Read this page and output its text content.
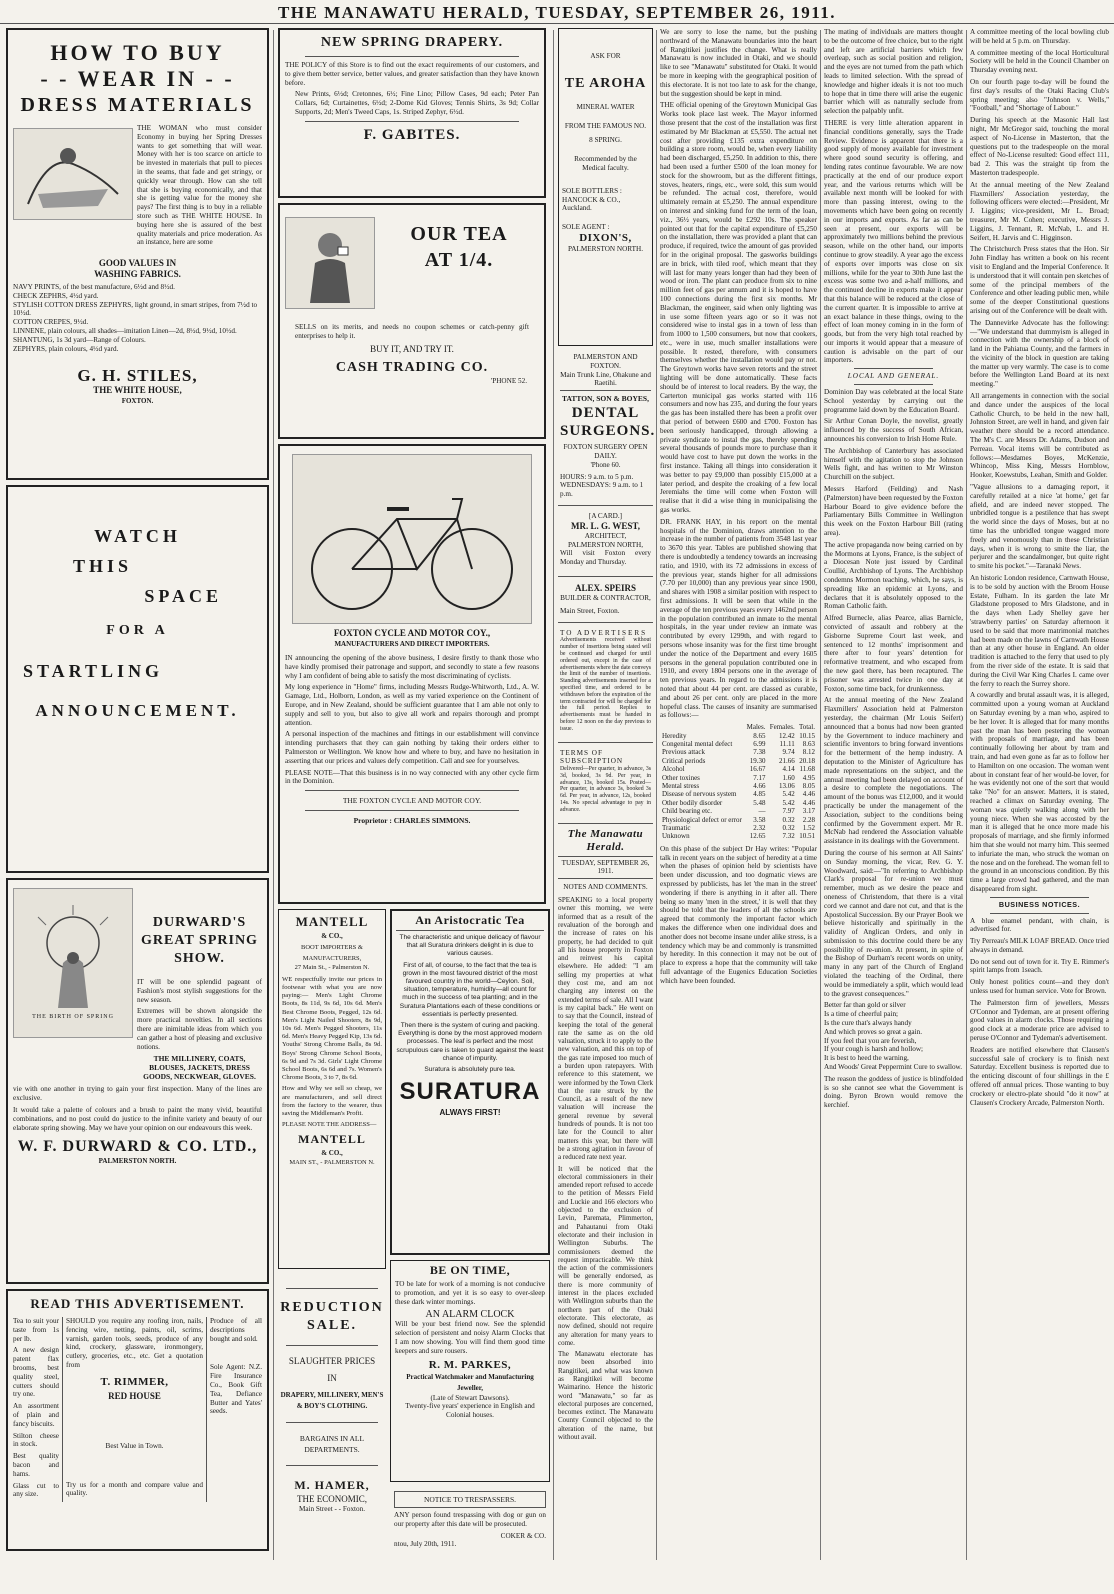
THE MANAWATU HERALD, TUESDAY, SEPTEMBER 26, 1911.
HOW TO BUY
- - WEAR IN - -
DRESS MATERIALS
THE WOMAN who must consider Economy in buying her Spring Dresses wants to get something that will wear. Money with her is too scarce on article to be invested in materials that pull to pieces in the seams, that fade and get stringy, or quickly wear through. How can she tell that she is buying economically, and that she is getting value for the money she pays? The first thing is to buy in a reliable store such as THE WHITE HOUSE. In buying here she is assured of the best quality materials and price moderation. As an instance, here are some
GOOD VALUES IN
WASHING FABRICS.
NAVY PRINTS, of the best manufacture, 6½d and 8½d.
CHECK ZEPHRS, 4½d yard.
STYLISH COTTON DRESS ZEPHYRS, light ground, in smart stripes, from 7½d to 10½d.
COTTON CREPES, 9½d.
LINNENE, plain colours, all shades—imitation Linen—2d, 8½d, 9½d, 10½d.
SHANTUNG, 1s 3d yard—Range of Colours.
ZEPHYRS, plain colours, 4½d yard.
G. H. STILES,
THE WHITE HOUSE,
FOXTON.
WATCH
THIS
SPACE
FOR A
STARTLING
ANNOUNCEMENT.
THE BIRTH OF SPRING
DURWARD'S
GREAT SPRING
SHOW.

IT will be one splendid pageant of Fashion's most stylish suggestions for the new season.

Extremes will be shown alongside the more practical novelties. In all sections there are inimitable ideas from which you can gather a host of pleasing and exclusive notions.

THE MILLINERY, COATS, BLOUSES, JACKETS, DRESS GOODS, NECKWEAR, GLOVES.

vie with one another in trying to gain your first inspection. Many of the lines are exclusive.

It would take a palette of colours and a brush to paint the many vivid, beautiful combinations, and no post could do justice to the infinite variety and beauty of our elaborate spring showing. May we have your opinion on our endeavours this week.

W. F. DURWARD & CO. LTD.,
PALMERSTON NORTH.
READ THIS ADVERTISEMENT.

Tea to suit your taste from 1s per lb.

A new design patent flax brooms, best quality steel, cutters should try one.

An assortment of plain and fancy biscuits.

Stilton cheese in stock.

Best quality bacon and hams.

Glass cut to any size.

SHOULD you require any roofing iron, nails, fencing wire, netting, paints, oil, scrims, varnish, garden tools, seeds, produce of any kind, crockery, glassware, ironmongery, cutlery, groceries, etc., etc. Get a quotation from

T. RIMMER,
RED HOUSE

Best Value in Town.

Try us for a month and compare value and quality.

Produce of all descriptions bought and sold.

Sole Agent: N.Z. Fire Insurance Co., Book Gift Tea, Defiance Butter and Yates' seeds.

NEW SPRING DRAPERY.

THE POLICY of this Store is to find out the exact requirements of our customers, and to give them better service, better values, and greater satisfaction than they have known before.

New Prints, 6½d; Cretonnes, 6½; Fine Lino; Pillow Cases, 9d each; Peter Pan Collars, 6d; Curtainettes, 6½d; 2-Dome Kid Gloves; Tennis Shirts, 3s 9d; Collar Supports, 2d; Men's Tweed Caps, 1s. Striped Zephyr, 6½d.

F. GABITES.
OUR TEA
AT 1/4.

SELLS on its merits, and needs no coupon schemes or catch-penny gift enterprises to help it.

BUY IT, AND TRY IT.
CASH TRADING CO.
'PHONE 52.
FOXTON CYCLE AND MOTOR COY.,
MANUFACTURERS AND DIRECT IMPORTERS.

IN announcing the opening of the above business, I desire firstly to thank those who have kindly promised their patronage and support, and secondly to state a few reasons why I am confident of being able to satisfy the most discriminating of cyclists.

My long experience in "Home" firms, including Messrs Rudge-Whitworth, Ltd., A. W. Gamage, Ltd., Holborn, London, as well as my varied experience on the Continent of Europe, and in New Zealand, should be sufficient guarantee that I am able not only to supply and sell to you, but also to give all work and repairs thorough and prompt attention.

A personal inspection of the machines and fittings in our establishment will convince intending purchasers that they can gain nothing by taking their orders either to Palmerston or Wellington. We know how and where to buy, and have no hesitation in asserting that our prices and values defy competition. Call and see for yourselves.

PLEASE NOTE—That this business is in no way connected with any other cycle firm in the Dominion.

THE FOXTON CYCLE AND MOTOR COY.
Proprietor : CHARLES SIMMONS.
MANTELL
& CO.,
BOOT IMPORTERS & MANUFACTURERS,
27 Main St., - Palmerston N.

WE respectfully invite our prices in footwear with what you are now paying:— Men's Light Chrome Boots, 8s 11d, 9s 6d, 10s 6d. Men's Best Chrome Boots, Pegged, 12s 6d. Men's Light Nailed Shooters, 8s 9d, 10s 6d. Men's Pegged Shooters, 11s 6d. Men's Heavy Pegged Kip, 13s 6d. Youths' Strong Chrome Balls, 8s 9d. Boys' Strong Chrome School Boots, 6s 9d and 7s 3d. Girls' Light Chrome School Boots, 6s 6d and 7s. Women's Chrome Boots, 3 to 7, 8s 6d.

How and Why we sell so cheap, we are manufacturers, and sell direct from the factory to the wearer, thus saving the Middleman's Profit.

PLEASE NOTE THE ADDRESS—
MANTELL
& CO.,
MAIN ST., - PALMERSTON N.
REDUCTION
SALE.
SLAUGHTER PRICES
IN
DRAPERY, MILLINERY, MEN'S & BOY'S CLOTHING.
BARGAINS IN ALL DEPARTMENTS.
M. HAMER,
THE ECONOMIC,
Main Street - - Foxton.
An Aristocratic Tea

The characteristic and unique delicacy of flavour that all Suratura drinkers delight in is due to various causes.

First of all, of course, to the fact that the tea is grown in the most favoured district of the most favoured country in the world—Ceylon. Soil, situation, temperature, humidity—all count for much in the success of tea planting; and in the Suratura Plantations each of these conditions or essentials is perfectly presented.

Then there is the system of curing and packing. Everything is done by the most approved modern processes. The leaf is perfect and the most scrupulous care is taken to guard against the least chance of impurity.

Suratura is absolutely pure tea.

SURATURA
ALWAYS FIRST!
BE ON TIME,

TO be late for work of a morning is not conducive to promotion, and yet it is so easy to over-sleep these dark winter mornings.

AN ALARM CLOCK

Will be your best friend now. See the splendid selection of persistent and noisy Alarm Clocks that I am now showing. You will find them good time keepers and sure rousers.

R. M. PARKES,
Practical Watchmaker and Manufacturing Jeweller,
(Late of Stewart Dawsons).
Twenty-five years' experience in English and Colonial houses.
NOTICE TO TRESPASSERS.

ANY person found trespassing with dog or gun on our property after this date will be prosecuted.

COKER & CO.
ntou, July 20th, 1911.
ASK FOR
TE AROHA
MINERAL WATER
FROM THE FAMOUS NO.
8 SPRING.
Recommended by the Medical faculty.
SOLE BOTTLERS :
HANCOCK & CO., Auckland.
SOLE AGENT :
DIXON'S,
PALMERSTON NORTH.
PALMERSTON AND FOXTON.
Main Trunk Line, Ohakune and Raetihi.
TATTON, SON & BOYES,
DENTAL
SURGEONS.
FOXTON SURGERY OPEN DAILY.
'Phone 60.
HOURS: 9 a.m. to 5 p.m.
WEDNESDAYS: 9 a.m. to 1 p.m.
[A CARD.]
MR. L. G. WEST,
ARCHITECT,
PALMERSTON NORTH,

Will visit Foxton every Monday and Thursday.

ALEX. SPEIRS
BUILDER & CONTRACTOR,
Main Street, Foxton.
TO ADVERTISERS

Advertisements received without number of insertions being stated will be continued and charged for until ordered out, except in the case of advertisements where the date conveys the limit of the number of insertions. Standing advertisements inserted for a specified time, and ordered to be withdrawn before the expiration of the term contracted for will be charged for the full period. Replies to advertisements must be handed in before 12 noon on the day previous to issue.

TERMS OF SUBSCRIPTION

Delivered—Per quarter, in advance, 3s 3d, booked, 3s 9d. Per year, in advance, 13s, booked 15s. Posted—Per quarter, in advance 3s, booked 3s 6d. Per year, in advance, 12s, booked 14s. No special advantage to pay in advance.

The Manawatu Herald.
TUESDAY, SEPTEMBER 26, 1911.
NOTES AND COMMENTS.

SPEAKING to a local property owner this morning, we were informed that as a result of the revaluation of the borough and the increase of rates on his property, he had decided to quit all his house property in Foxton and reinvest his capital elsewhere. He added: "I am selling my properties at what they cost me, and am not charging any interest on the extended terms of sale. All I want is my capital back." He went on to say that the Council, instead of keeping the total of the general rate the same as on the old valuation, struck it to apply to the new valuation, and this on top of the gas rate imposed too much of a burden upon ratepayers. With reference to this statement, we were informed by the Town Clerk that the rate struck by the Council, as a result of the new valuation will increase the general revenue by several hundreds of pounds. It is not too late for the Council to alter matters this year, but there will be a strong agitation in favour of a reduced rate next year.

It will be noticed that the electoral commissioners in their amended report refused to accede to the petition of Messrs Field and Luckie and 166 electors who objected to the exclusion of Levin, Paremata, Plimmerton, and Pahautanui from Otaki electorate and their inclusion in Wellington Suburbs. The commissioners deemed the request impracticable. We think the action of the commissioners will be generally endorsed, as there is more community of interest in the places excluded with Wellington suburbs than the northern part of the Otaki electorate. This electorate, as now defined, should not require any alteration for many years to come.

The Manawatu electorate has now been absorbed into Rangitikei, and what was known as Rangitikei will become Waimarino. Hence the historic word "Manawatu," so far as electoral purposes are concerned, becomes extinct. The Manawatu County Council objected to the alteration of the name, but without avail.

We are sorry to lose the name, but the pushing northward of the Manawatu boundaries into the heart of Rangitikei justifies the change. What is really Manawatu is now included in Otaki, and we should like to see "Manawatu" substituted for Otaki. It would be more in keeping with the geographical position of this electorate. It is not too late to ask for the change, but the suggestion should be kept in mind.

THE official opening of the Greytown Municipal Gas Works took place last week. The Mayor informed those present that the cost of the installation was first estimated by Mr Blackman at £5,550. The actual net cost after providing £135 extra expenditure on building a store room, would be, when every liability had been discharged, £5,250. In addition to this, there had been used a further £500 of the loan money for stock for the showroom, but as the different fittings, stoves, heaters, rings, etc., were sold, this sum would be refunded. The actual cost, therefore, would ultimately remain at £5,250. The annual expenditure on interest and sinking fund for the term of the loan, viz., 36½ years, would be £292 10s. The speaker pointed out that for the capital expenditure of £5,250 on the installation, there was provided a plant that can produce, if required, twice the amount of gas provided for in the original proposal. The gasworks buildings are in brick, with tiled roof, which meant that they will last for many years longer than had they been of wood or iron. The plant can produce from six to nine million feet of gas per annum and it is hoped to have 100 connections during the first six months. Mr Blackman, the engineer, said when only lighting was in use some fifteen years ago or so it was not considered wise to instal gas in a town of less than from 1000 to 1,500 consumers, but now that cookers, etc., were in use, much smaller installations were possible. It rested, therefore, with consumers themselves whether the installation would pay or not. The Greytown works have seven retorts and the street lighting will be done automatically. These facts should be of interest to local readers. By the way, the Carterton municipal gas works started with 116 consumers and now has 235, and during the four years the gas has been installed there has been a profit over that period of between £600 and £700. Foxton has been seriously handicapped, through allowing a private syndicate to instal the gas, thereby spending several thousands of pounds more to purchase than it would have cost to have put down the works in the first instance. Taking all things into consideration it was better to pay £9,000 than possibly £15,000 at a later period, and despite the croaking of a few local Jeremiahs the time will come when Foxton will realise that it did a wise thing in municipalising the gas works.

DR. FRANK HAY, in his report on the mental hospitals of the Dominion, draws attention to the increase in the number of patients from 3548 last year to 3670 this year. Tables are published showing that there is undoubtedly a tendency towards an increasing ratio, and 1910, with its 72 admissions in excess of the previous year, stands higher for all admissions (7.70 per 10,000) than any previous year since 1900, and shares with 1908 a similar position with respect to first admissions. It will be seen that while in the average of the ten previous years every 1462nd person in the population contributed an inmate to the mental hospitals, in the year under review an inmate was contributed by every 1299th, and with regard to persons whose insanity was for the first time brought under the notice of the Department and every 1605 persons in the general population contributed one in 1910, and every 1804 persons one in the average of ten previous years. In regard to the admissions it is noted that about 44 per cent. are classed as curable, and about 26 per cent. only are placed in the more hopeful class. The causes of insanity are summarised as follows:—

	Males.	Females.	Total.
Heredity	8.65	12.42	10.15
Congenital mental defect	6.99	11.11	8.63
Previous attack	7.38	9.74	8.12
Critical periods	19.30	21.66	20.18
Alcohol	16.67	4.14	11.68
Other toxines	7.17	1.60	4.95
Mental stress	4.66	13.06	8.05
Disease of nervous system	4.85	5.42	4.46
Other bodily disorder	5.48	5.42	4.46
Child bearing etc.	—	7.97	3.17
Physiological defect or error	3.58	0.32	2.28
Traumatic	2.32	0.32	1.52
Unknown	12.65	7.32	10.51

On this phase of the subject Dr Hay writes: "Popular talk in recent years on the subject of heredity at a time when the phases of opinion held by scientists have been under discussion, and too dogmatic views are expressed by publicists, has let 'the man in the street' wondering if there is anything in it after all. There being so many 'men in the street,' it is well that they should be told that the leaders of all the schools are agreed that commonly the important factor which makes the difference when one individual does and another does not become insane under alike stress, is a tendency which may be and commonly is transmitted by heredity. In this connection it may not be out of place to express a hope that the community will take full advantage of the Eugenics Education Societies which have been founded.

The mating of individuals are matters thought to be the outcome of free choice, but to the right and left are artificial barriers which few overleap, such as social position and religion, and the eyes are not turned from the path which leads to limited selection. With the spread of knowledge and higher ideals it is not too much to hope that in time there will arise the eugenic barrier which will as naturally seclude from selection the palpably unfit.

THERE is very little alteration apparent in financial conditions generally, says the Trade Review. Evidence is apparent that there is a good supply of money available for investment where good sound security is offering, and lending rates continue favourable. We are now practically at the end of our produce export year, and the various returns which will be available next month will be looked for with more than passing interest, owing to the movements which have been going on recently in our imports and exports. As far as can be seen at present, our exports will be approximately two millions behind the previous season, while on the other hand, our imports continue to grow steadily. A year ago the excess of exports over imports was close on six millions, while for the year to 30th June last the excess was some two and a-half millions, and the continued decline in exports make it appear that this balance will be reduced at the close of the current quarter. It is impossible to arrive at an exact balance in these things, owing to the effect of loan money coming in in the form of goods, but from the very high total reached by our imports it would appear that a measure of caution is advisable on the part of our importers.

LOCAL AND GENERAL.

Dominion Day was celebrated at the local State School yesterday by carrying out the programme laid down by the Education Board.

Sir Arthur Conan Doyle, the novelist, greatly influenced by the success of South African, announces his conversion to Irish Home Rule.

The Archbishop of Canterbury has associated himself with the agitation to stop the Johnson Wells fight, and has written to Mr Winston Churchill on the subject.

Messrs Harford (Feilding) and Nash (Palmerston) have been requested by the Foxton Harbour Board to give evidence before the Parliamentary Bills Committee in Wellington this week on the Foxton Harbour Bill (rating area).

The active propaganda now being carried on by the Mormons at Lyons, France, is the subject of a Diocesan Note just issued by Cardinal Coullié, Archbishop of Lyons. The Archbishop condemns Mormon teaching, which, he says, is spreading like an epidemic at Lyons, and declares that it is absolutely opposed to the Roman Catholic faith.

Alfred Burnecle, alias Pearce, alias Barnicle, convicted of assault and robbery at the Gisborne Supreme Court last week, and sentenced to 12 months' imprisonment and there after to four years' detention for reformative treatment, and who escaped from the new gaol there, has been recaptured. The prisoner was arrested twice in one day at Foxton, some time back, for drunkenness.

At the annual meeting of the New Zealand Flaxmillers' Association held at Palmerston yesterday, the chairman (Mr Louis Seifert) announced that a bonus had now been granted by the Government to induce machinery and scientific inventors to bring forward inventions for the betterment of the hemp industry. A deputation to the Minister of Agriculture has made representations on the subject, and the annual meeting had been delayed on account of a desire to complete the negotiations. The amount of the bonus was £12,000, and it would practically be under the management of the Association, subject to the conditions being confirmed by the Government expert. Mr R. McNab had rendered the Association valuable assistance in its dealings with the Government.

During the course of his sermon at All Saints' on Sunday morning, the vicar, Rev. G. Y. Woodward, said:—"In referring to Archbishop Clark's proposal for re-union we must remember, much as we desire the peace and oneness of Christendom, that there is a vital cord we cannot and dare not cut, and that is the Apostolical Succession. By our Prayer Book we believe historically and spiritually in the validity of Anglican Orders, and only in submission to this doctrine could there be any possibility of re-union. At present, in spite of the Bishop of Durham's recent words on unity, many in any part of the Church of England violated the teaching of the Ordinal, there would be immediately a split, which would lead to the gravest consequences."

Better far than gold or silver
Is a time of cheerful pain;
Is the cure that's always handy
And which proves so great a gain.
If you feel that you are feverish,
If your cough is harsh and hollow;
It is best to heed the warning,
And Woods' Great Peppermint Cure to swallow.

The reason the goddess of justice is blindfolded is so she cannot see what the Government is doing. Byron Brown would remove the kerchief.

A committee meeting of the local bowling club will be held at 5 p.m. on Thursday.

A committee meeting of the local Horticultural Society will be held in the Council Chamber on Thursday evening next.

On our fourth page to-day will be found the first day's results of the Otaki Racing Club's spring meeting; also "Johnson v. Wells," "Football," and "Shortage of Labour."

During his speech at the Masonic Hall last night, Mr McGregor said, touching the moral aspect of No-License in Masterton, that the questions put to the tradespeople on the moral effect of No-License resulted: Good effect 111, bad 2. This was the straight tip from the Masterton tradespeople.

At the annual meeting of the New Zealand Flaxmillers' Association yesterday, the following officers were elected:—President, Mr J. Liggins; vice-president, Mr L. Broad; treasurer, Mr M. Cohen; executive, Messrs J. Liggins, J. Tennant, R. McNab, L. and H. Seifert, H. Jarvis and C. Higginson.

The Christchurch Press states that the Hon. Sir John Findlay has written a book on his recent visit to England and the Imperial Conference. It is understood that it will contain pen sketches of some of the principal members of the Conference and other leading public men, while some of the deeper Constitutional questions arising out of the Conference will be dealt with.

The Dannevirke Advocate has the following:—"We understand that dummyism is alleged in connection with the ownership of a block of land in the Pahiatua County, and the farmers in the vicinity of the block in question are taking the matter up very warmly. The case is to come before the Wellington Land Board at its next meeting."

All arrangements in connection with the social and dance under the auspices of the local Catholic Church, to be held in the new hall, Johnston Street, are well in hand, and given fair weather there should be a record attendance. The M's C. are Messrs Dr. Adams, Dudson and Perreau. Vocal items will be contributed as follows:—Mesdames Boyes, McKenzie, Whincop, Miss King, Messrs Hornblow, Hooker, Koewstubs, Leahan, Smith and Golder.

"Vague allusions to a damaging report, it carefully retailed at a nice 'at home,' get far afield, and are indeed never stopped. The unbridled tongue is a pestilence that has swept the world since the days of Moses, but at no time has the unbridled tongue wagged more freely and venomously than in these Christian days, when it is wrong to smite the liar, the perjurer and the scandalmonger, but quite right to smite his pocket."—Taranaki News.

An historic London residence, Carnwath House, is to be sold by auction with the Broom House Estate, Fulham. In its garden the late Mr Gladstone proposed to Mrs Gladstone, and in the days when Lady Shelley gave her 'strawberry parties' on Saturday afternoon it used to be said that more matrimonial matches had been made on the lawns of Carnwath House than at any other house in England. An older tradition is attached to the ferry that used to ply from the river side of the estate. It is said that during the Civil War King Charles I. came over the ferry to reach the Surrey shore.

A cowardly and brutal assault was, it is alleged, committed upon a young woman at Auckland on Saturday evening by a man who, aspired to be her lover. It is alleged that for many months past the man has been pestering the woman with proposals of marriage, and has been continually following her about by tram and train, and had even gone as far as to follow her to Hamilton on one occasion. The woman went about in constant fear of her would-be lover, for he was evidently not one of the sort that would take "No" for an answer. Matters, it is stated, reached a climax on Saturday evening. The woman was quietly walking along with her young niece. When she was accosted by the man it is alleged that he once more made his proposals of marriage, and she firmly informed him that she would not marry him. This seemed to infuriate the man, who struck the woman on the nose and on the forehead. The woman fell to the ground in an unconscious condition. By this time a large crowd had gathered, and the man disappeared from sight.

BUSINESS NOTICES.

A blue enamel pendant, with chain, is advertised for.

Try Perreau's MILK LOAF BREAD. Once tried always in demand.

Do not send out of town for it. Try E. Rimmer's spirit lamps from 1seach.

Only honest politics count—and they don't unless used for human service. Vote for Brown.

The Palmerston firm of jewellers, Messrs O'Connor and Tydeman, are at present offering good values in alarm clocks. Those requiring a good clock at a moderate price are advised to peruse O'Connor and Tydeman's advertisement.

Readers are notified elsewhere that Clausen's successful sale of crockery is to finish next Saturday. Excellent business is reported due to the enticing discount of four shillings in the £ offered off annual prices. Those wanting to buy crockery or electro-plate should "do it now" at Clausen's Crockery Arcade, Palmerston North.
